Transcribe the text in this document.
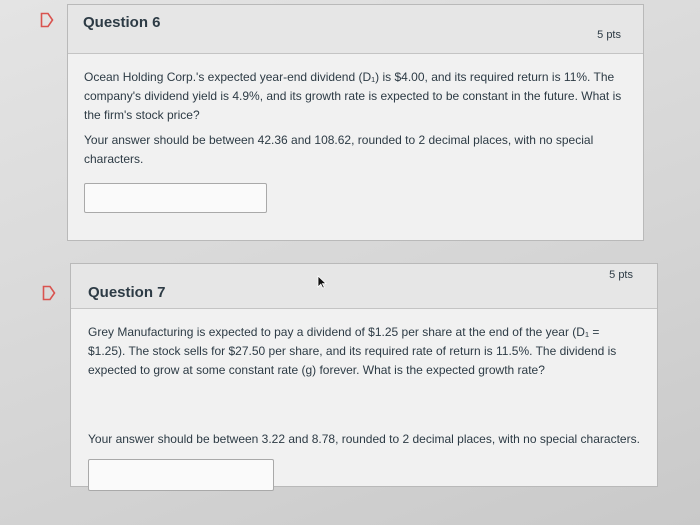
Question 6
5 pts
Ocean Holding Corp.'s expected year-end dividend (D₁) is $4.00, and its required return is 11%. The
company's dividend yield is 4.9%, and its growth rate is expected to be constant in the future. What is
the firm's stock price?
Your answer should be between 42.36 and 108.62, rounded to 2 decimal places, with no special
characters.
Question 7
5 pts
Grey Manufacturing is expected to pay a dividend of $1.25 per share at the end of the year (D₁ =
$1.25). The stock sells for $27.50 per share, and its required rate of return is 11.5%. The dividend is
expected to grow at some constant rate (g) forever. What is the expected growth rate?
Your answer should be between 3.22 and 8.78, rounded to 2 decimal places, with no special characters.
